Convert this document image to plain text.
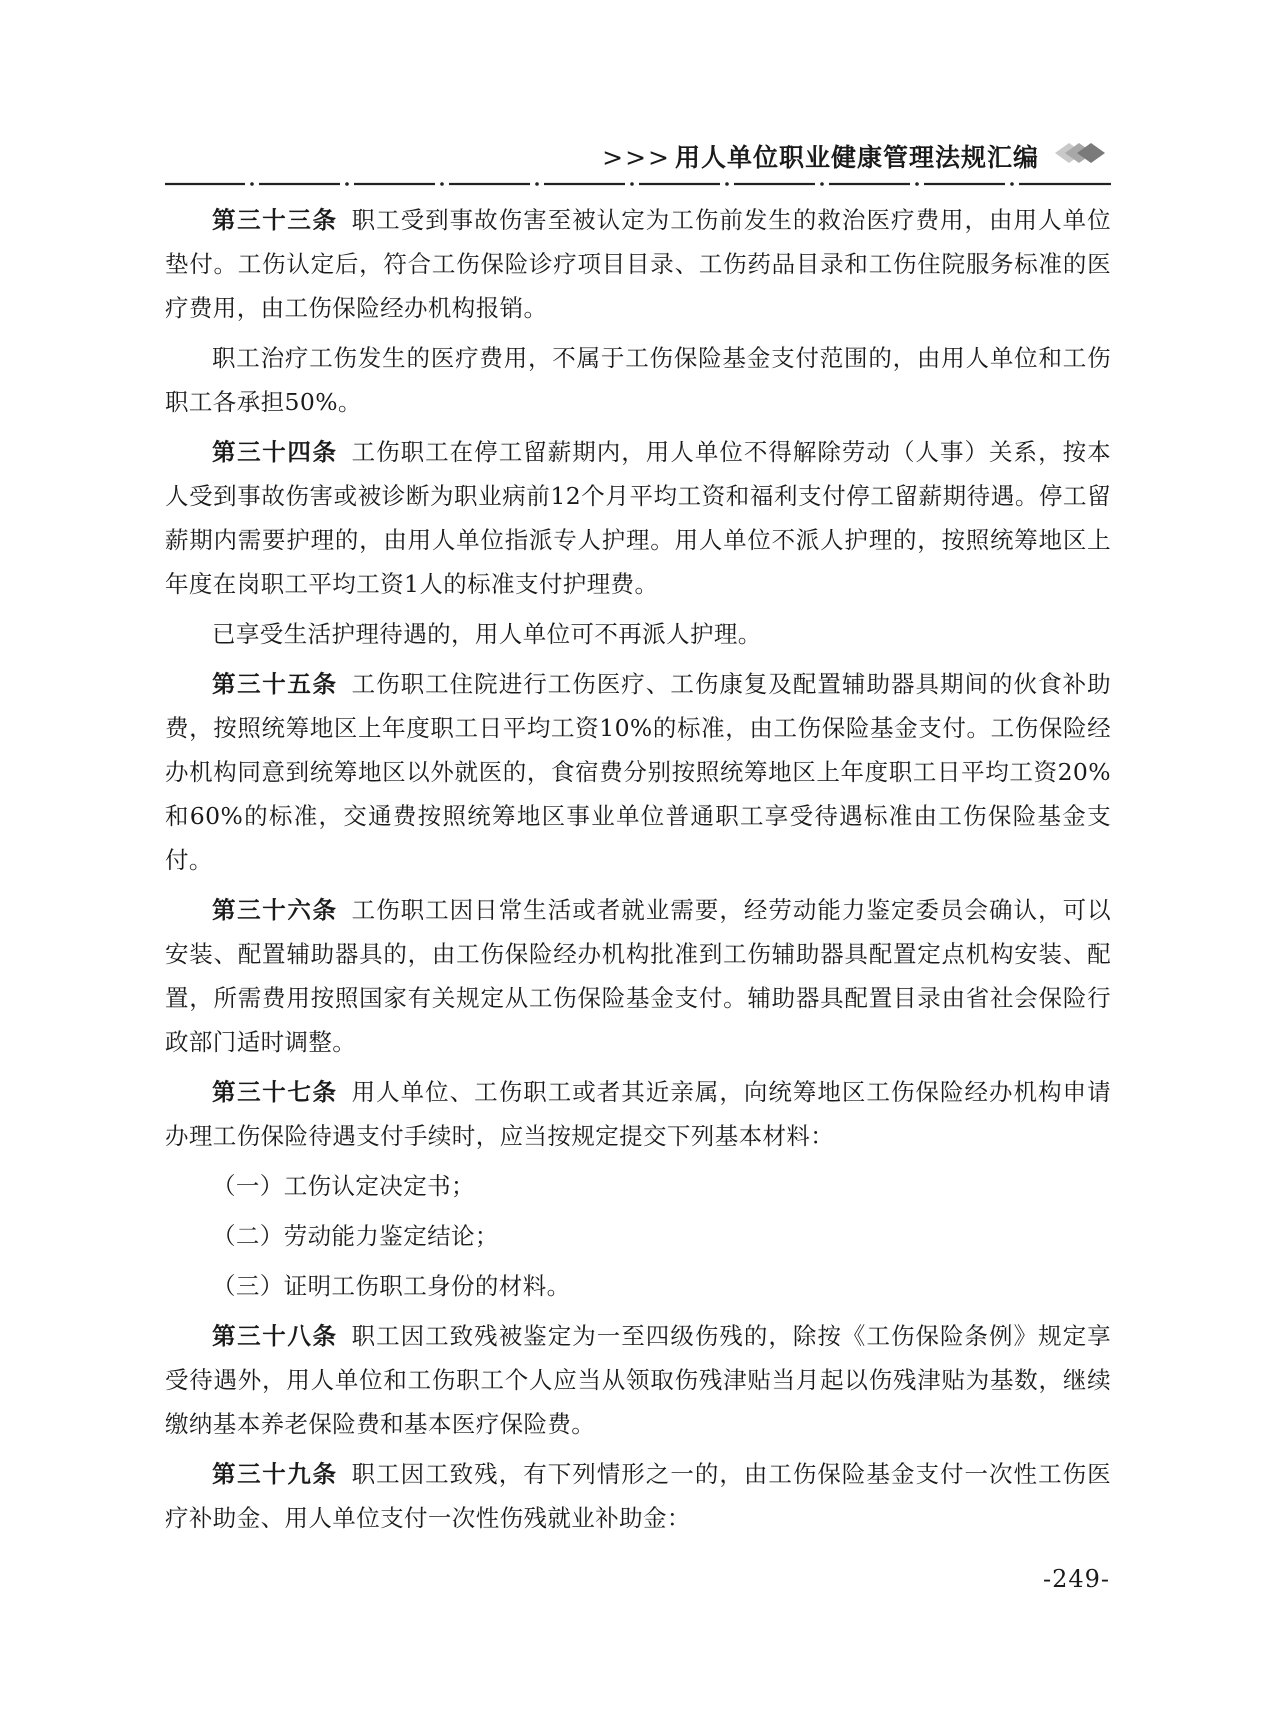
>>> 用人单位职业健康管理法规汇编

第三十三条 职工受到事故伤害至被认定为工伤前发生的救治医疗费用，由用人单位垫付。工伤认定后，符合工伤保险诊疗项目目录、工伤药品目录和工伤住院服务标准的医疗费用，由工伤保险经办机构报销。

职工治疗工伤发生的医疗费用，不属于工伤保险基金支付范围的，由用人单位和工伤职工各承担50%。

第三十四条 工伤职工在停工留薪期内，用人单位不得解除劳动（人事）关系，按本人受到事故伤害或被诊断为职业病前12个月平均工资和福利支付停工留薪期待遇。停工留薪期内需要护理的，由用人单位指派专人护理。用人单位不派人护理的，按照统筹地区上年度在岗职工平均工资1人的标准支付护理费。

已享受生活护理待遇的，用人单位可不再派人护理。

第三十五条 工伤职工住院进行工伤医疗、工伤康复及配置辅助器具期间的伙食补助费，按照统筹地区上年度职工日平均工资10%的标准，由工伤保险基金支付。工伤保险经办机构同意到统筹地区以外就医的，食宿费分别按照统筹地区上年度职工日平均工资20%和60%的标准，交通费按照统筹地区事业单位普通职工享受待遇标准由工伤保险基金支付。

第三十六条 工伤职工因日常生活或者就业需要，经劳动能力鉴定委员会确认，可以安装、配置辅助器具的，由工伤保险经办机构批准到工伤辅助器具配置定点机构安装、配置，所需费用按照国家有关规定从工伤保险基金支付。辅助器具配置目录由省社会保险行政部门适时调整。

第三十七条 用人单位、工伤职工或者其近亲属，向统筹地区工伤保险经办机构申请办理工伤保险待遇支付手续时，应当按规定提交下列基本材料：

（一）工伤认定决定书；

（二）劳动能力鉴定结论；

（三）证明工伤职工身份的材料。

第三十八条 职工因工致残被鉴定为一至四级伤残的，除按《工伤保险条例》规定享受待遇外，用人单位和工伤职工个人应当从领取伤残津贴当月起以伤残津贴为基数，继续缴纳基本养老保险费和基本医疗保险费。

第三十九条 职工因工致残，有下列情形之一的，由工伤保险基金支付一次性工伤医疗补助金、用人单位支付一次性伤残就业补助金：

-249-
